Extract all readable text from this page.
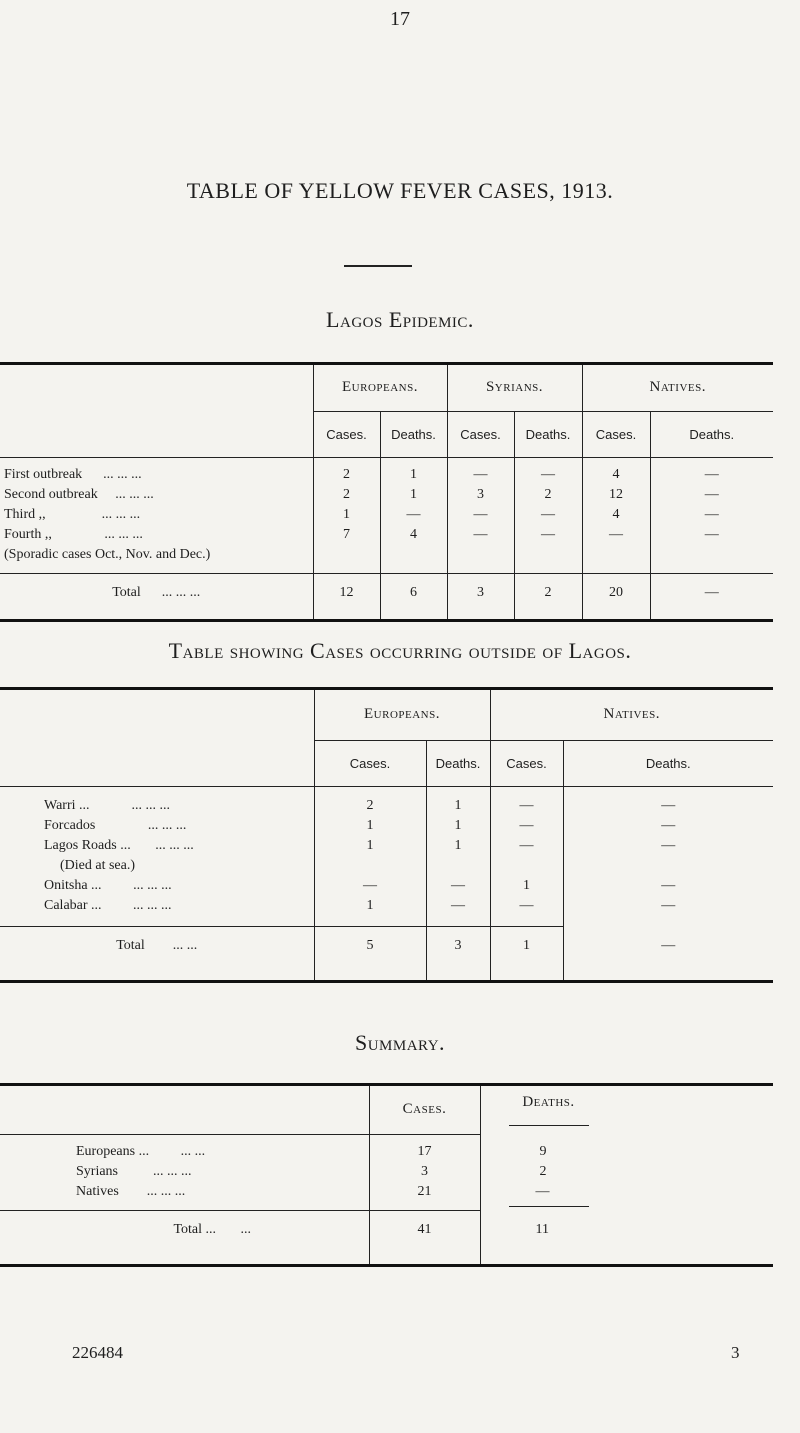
17
TABLE OF YELLOW FEVER CASES, 1913.
Lagos Epidemic.

	Europeans.		Syrians.		Natives.	
	Cases.	Deaths.	Cases.	Deaths.	Cases.	Deaths.

First outbreak ... ... ...	2	1	—	—	4	—
Second outbreak ... ... ...	2	1	3	2	12	—
Third ,, ... ... ...	1	—	—	—	4	—
Fourth ,, ... ... ...	7	4	—	—	—	—
(Sporadic cases Oct., Nov. and Dec.)						

Total ... ... ...	12	6	3	2	20	—

Table showing Cases occurring outside of Lagos.

	Europeans.		Natives.	
	Cases.	Deaths.	Cases.	Deaths.

Warri ... ... ... ...	2	1	—	—
Forcados ... ... ...	1	1	—	—
Lagos Roads ... ... ... ...	1	1	—	—
(Died at sea.)				
Onitsha ... ... ... ...	—	—	1	—
Calabar ... ... ... ...	1	—	—	—

Total ... ...	5	3	1	—

Summary.

	Cases.	Deaths.

Europeans ... ... ...	17	9
Syrians ... ... ...	3	2
Natives ... ... ...	21	—

Total ... ...	41	11

226484	3
